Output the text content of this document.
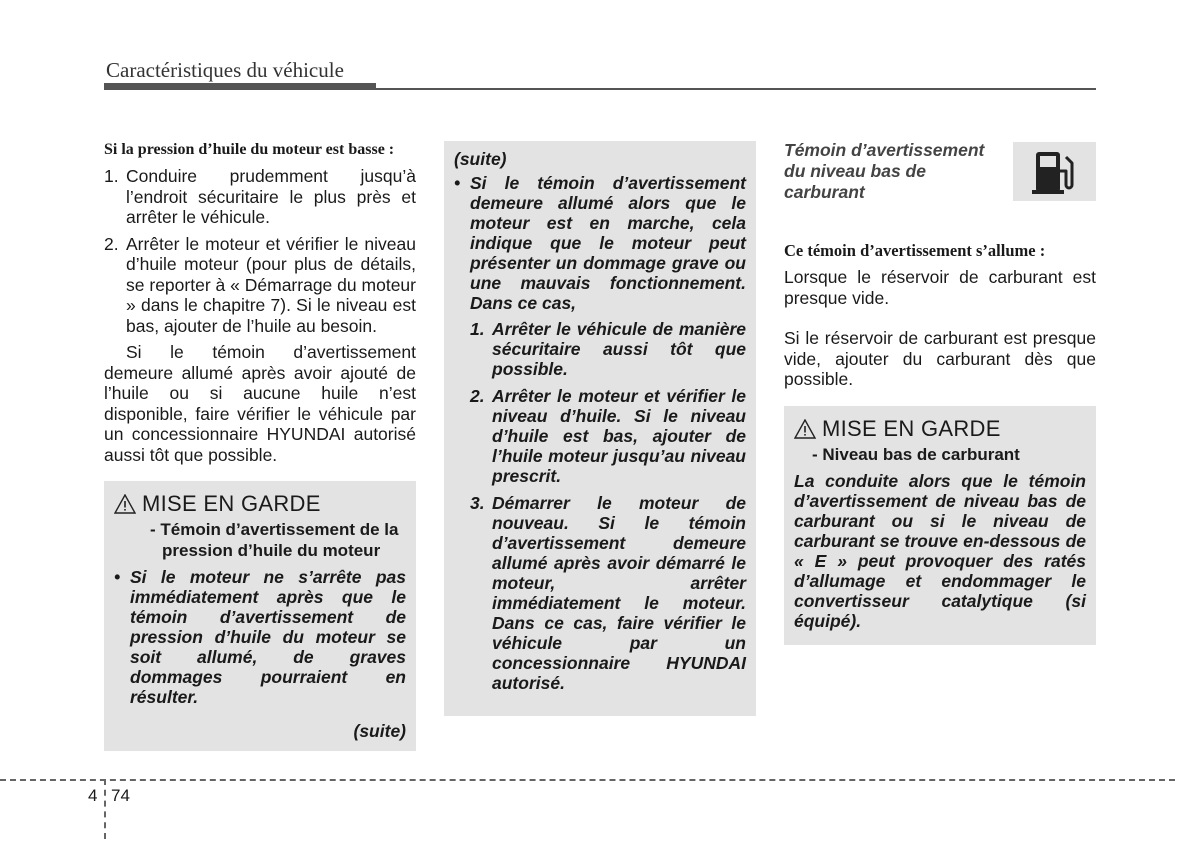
Caractéristiques du véhicule
Si la pression d’huile du moteur est basse :
1. Conduire prudemment jusqu’à l’endroit sécuritaire le plus près et arrêter le véhicule.
2. Arrêter le moteur et vérifier le niveau d’huile moteur (pour plus de détails, se reporter à « Démarrage du moteur » dans le chapitre 7). Si le niveau est bas, ajouter de l’huile au besoin.
Si le témoin d’avertissement demeure allumé après avoir ajouté de l’huile ou si aucune huile n’est disponible, faire vérifier le véhicule par un concessionnaire HYUNDAI autorisé aussi tôt que possible.
MISE EN GARDE
- Témoin d’avertissement de la pression d’huile du moteur
• Si le moteur ne s’arrête pas immédiatement après que le témoin d’avertissement de pression d’huile du moteur se soit allumé, de graves dommages pourraient en résulter.
(suite)
(suite)
• Si le témoin d’avertissement demeure allumé alors que le moteur est en marche, cela indique que le moteur peut présenter un dommage grave ou une mauvais fonctionnement. Dans ce cas,
1. Arrêter le véhicule de manière sécuritaire aussi tôt que possible.
2. Arrêter le moteur et vérifier le niveau d’huile. Si le niveau d’huile est bas, ajouter de l’huile moteur jusqu’au niveau prescrit.
3. Démarrer le moteur de nouveau. Si le témoin d’avertissement demeure allumé après avoir démarré le moteur, arrêter immédiatement le moteur. Dans ce cas, faire vérifier le véhicule par un concessionnaire HYUNDAI autorisé.
Témoin d’avertissement du niveau bas de carburant
Ce témoin d’avertissement s’allume :
Lorsque le réservoir de carburant est presque vide.
Si le réservoir de carburant est presque vide, ajouter du carburant dès que possible.
MISE EN GARDE
- Niveau bas de carburant
La conduite alors que le témoin d’avertissement de niveau bas de carburant ou si le niveau de carburant se trouve en-dessous de « E » peut provoquer des ratés d’allumage et endommager le convertisseur catalytique (si équipé).
4 74
